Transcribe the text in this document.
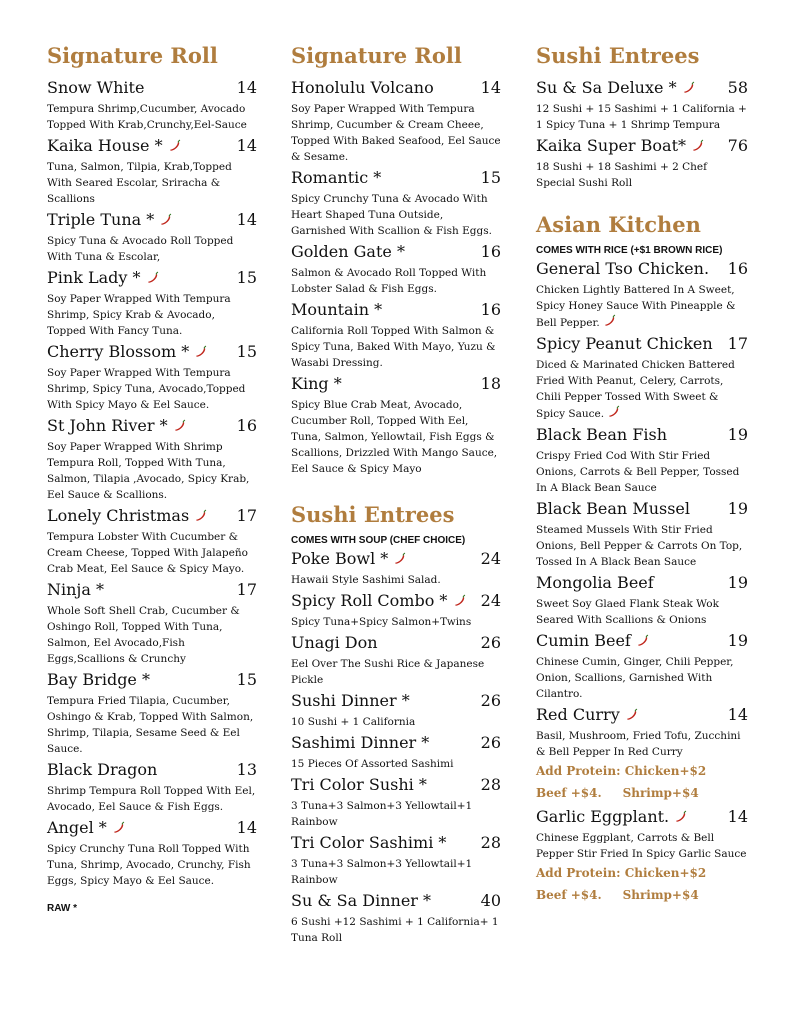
Signature Roll
Snow White	14
Tempura Shrimp,Cucumber, Avocado Topped With Krab,Crunchy,Eel-Sauce
Kaika House *	14
Tuna, Salmon, Tilpia, Krab,Topped With Seared Escolar, Sriracha & Scallions
Triple Tuna *	14
Spicy Tuna & Avocado Roll Topped With Tuna & Escolar,
Pink Lady *	15
Soy Paper Wrapped With Tempura Shrimp, Spicy Krab & Avocado, Topped With Fancy Tuna.
Cherry Blossom *	15
Soy Paper Wrapped With Tempura Shrimp, Spicy Tuna, Avocado,Topped With Spicy Mayo & Eel Sauce.
St John River *	16
Soy Paper Wrapped With Shrimp Tempura Roll, Topped With Tuna, Salmon, Tilapia ,Avocado, Spicy Krab, Eel Sauce & Scallions.
Lonely Christmas	17
Tempura Lobster With Cucumber & Cream Cheese, Topped With Jalapeño Crab Meat, Eel Sauce & Spicy Mayo.
Ninja *	17
Whole Soft Shell Crab, Cucumber & Oshingo Roll, Topped With Tuna, Salmon, Eel Avocado,Fish Eggs,Scallions & Crunchy
Bay Bridge *	15
Tempura Fried Tilapia, Cucumber, Oshingo & Krab, Topped With Salmon, Shrimp, Tilapia, Sesame Seed & Eel Sauce.
Black Dragon	13
Shrimp Tempura Roll Topped With Eel, Avocado, Eel Sauce & Fish Eggs.
Angel *	14
Spicy Crunchy Tuna Roll Topped With Tuna, Shrimp, Avocado, Crunchy, Fish Eggs, Spicy Mayo & Eel Sauce.
RAW *
Signature Roll
Honolulu Volcano	14
Soy Paper Wrapped With Tempura Shrimp, Cucumber & Cream Cheee, Topped With Baked Seafood, Eel Sauce & Sesame.
Romantic *	15
Spicy Crunchy Tuna & Avocado With Heart Shaped Tuna Outside, Garnished With Scallion & Fish Eggs.
Golden Gate *	16
Salmon & Avocado Roll Topped With Lobster Salad & Fish Eggs.
Mountain *	16
California Roll Topped With Salmon & Spicy Tuna, Baked With Mayo, Yuzu & Wasabi Dressing.
King *	18
Spicy Blue Crab Meat, Avocado, Cucumber Roll, Topped With Eel, Tuna, Salmon, Yellowtail, Fish Eggs & Scallions, Drizzled With Mango Sauce, Eel Sauce & Spicy Mayo
Sushi Entrees
COMES WITH SOUP (CHEF CHOICE)
Poke Bowl *	24
Hawaii Style Sashimi Salad.
Spicy Roll Combo *	24
Spicy Tuna+Spicy Salmon+Twins
Unagi Don	26
Eel Over The Sushi Rice & Japanese Pickle
Sushi Dinner *	26
10 Sushi + 1 California
Sashimi Dinner *	26
15 Pieces Of Assorted Sashimi
Tri Color Sushi *	28
3 Tuna+3 Salmon+3 Yellowtail+1 Rainbow
Tri Color Sashimi * 28
3 Tuna+3 Salmon+3 Yellowtail+1 Rainbow
Su & Sa Dinner *	40
6 Sushi +12 Sashimi + 1 California+ 1 Tuna Roll
Sushi Entrees
Su & Sa Deluxe *	58
12 Sushi + 15 Sashimi + 1 California + 1 Spicy Tuna + 1 Shrimp Tempura
Kaika Super Boat*	76
18 Sushi + 18 Sashimi + 2 Chef Special Sushi Roll
Asian Kitchen
COMES WITH RICE (+$1 BROWN RICE)
General Tso Chicken. 16
Chicken Lightly Battered In A Sweet, Spicy Honey Sauce With Pineapple & Bell Pepper.
Spicy Peanut Chicken 17
Diced & Marinated Chicken Battered Fried With Peanut, Celery, Carrots, Chili Pepper Tossed With Sweet & Spicy Sauce.
Black Bean Fish	19
Crispy Fried Cod With Stir Fried Onions, Carrots & Bell Pepper, Tossed In A Black Bean Sauce
Black Bean Mussel 19
Steamed Mussels With Stir Fried Onions, Bell Pepper & Carrots On Top, Tossed In A Black Bean Sauce
Mongolia Beef	19
Sweet Soy Glaed Flank Steak Wok Seared With Scallions & Onions
Cumin Beef	19
Chinese Cumin, Ginger, Chili Pepper, Onion, Scallions, Garnished With Cilantro.
Red Curry	14
Basil, Mushroom, Fried Tofu, Zucchini & Bell Pepper In Red Curry
Add Protein: Chicken+$2
Beef +$4.     Shrimp+$4
Garlic Eggplant.	14
Chinese Eggplant, Carrots & Bell Pepper Stir Fried In Spicy Garlic Sauce
Add Protein: Chicken+$2
Beef +$4.     Shrimp+$4
